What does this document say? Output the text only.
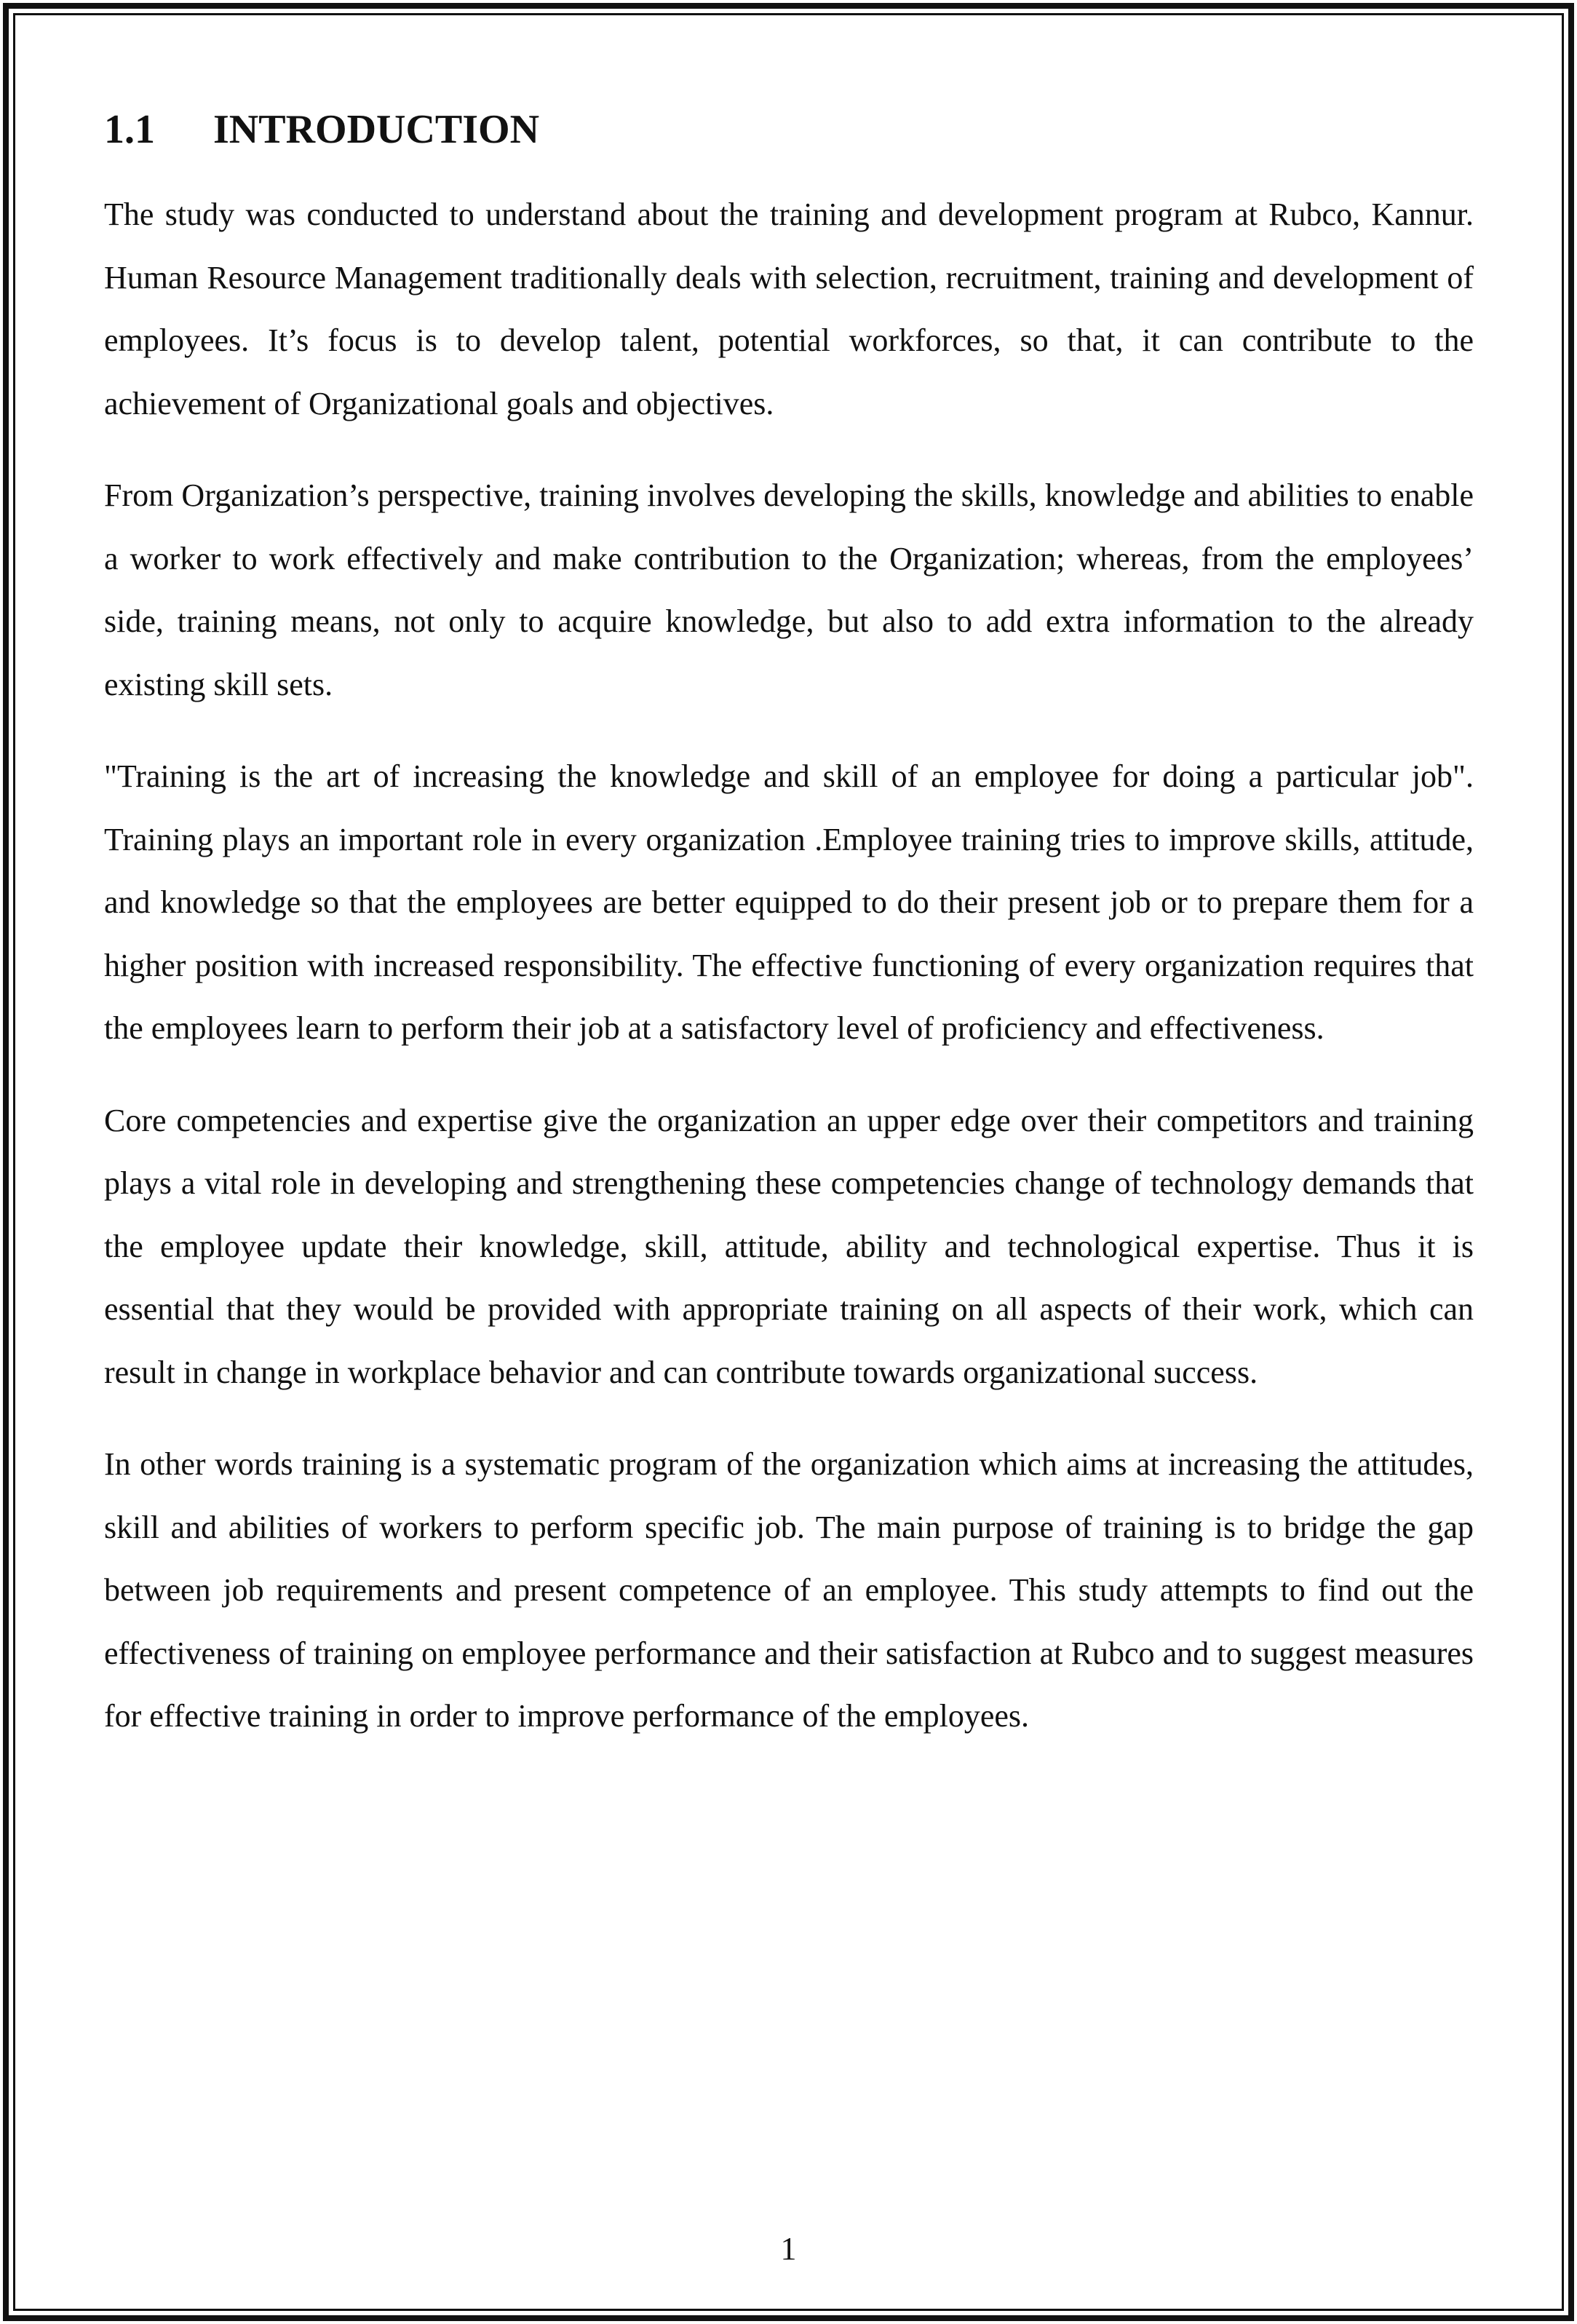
1.1 INTRODUCTION

The study was conducted to understand about the training and development program at Rubco, Kannur. Human Resource Management traditionally deals with selection, recruitment, training and development of employees. It’s focus is to develop talent, potential workforces, so that, it can contribute to the achievement of Organizational goals and objectives.

From Organization’s perspective, training involves developing the skills, knowledge and abilities to enable a worker to work effectively and make contribution to the Organization; whereas, from the employees’ side, training means, not only to acquire knowledge, but also to add extra information to the already existing skill sets.

"Training is the art of increasing the knowledge and skill of an employee for doing a particular job". Training plays an important role in every organization .Employee training tries to improve skills, attitude, and knowledge so that the employees are better equipped to do their present job or to prepare them for a higher position with increased responsibility. The effective functioning of every organization requires that the employees learn to perform their job at a satisfactory level of proficiency and effectiveness.

Core competencies and expertise give the organization an upper edge over their competitors and training plays a vital role in developing and strengthening these competencies change of technology demands that the employee update their knowledge, skill, attitude, ability and technological expertise. Thus it is essential that they would be provided with appropriate training on all aspects of their work, which can result in change in workplace behavior and can contribute towards organizational success.

In other words training is a systematic program of the organization which aims at increasing the attitudes, skill and abilities of workers to perform specific job. The main purpose of training is to bridge the gap between job requirements and present competence of an employee. This study attempts to find out the effectiveness of training on employee performance and their satisfaction at Rubco and to suggest measures for effective training in order to improve performance of the employees.

1
